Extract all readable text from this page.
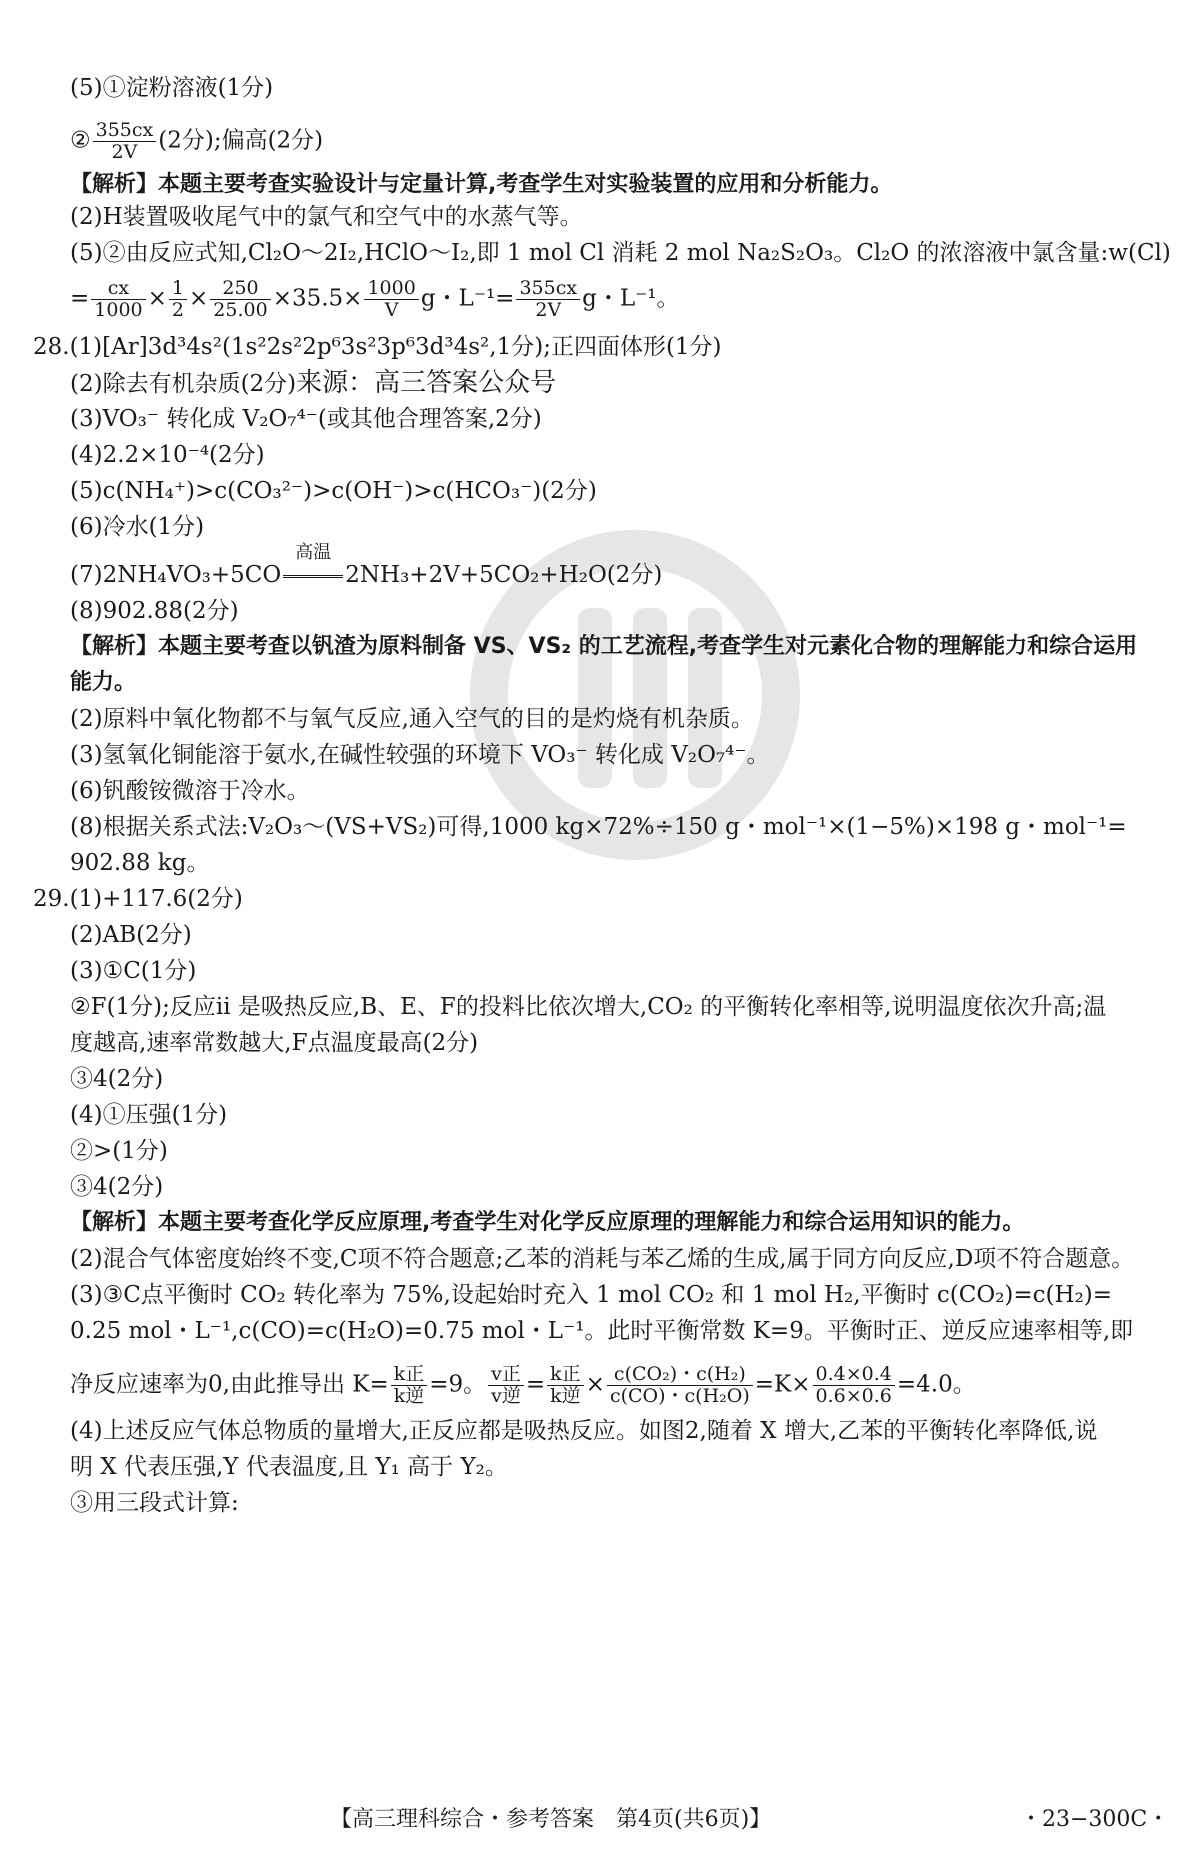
(5)①淀粉溶液(1分)
② $\frac{355cx}{2V} (2$分);偏高(2分)
【解析】本题主要考查实验设计与定量计算,考查学生对实验装置的应用和分析能力。
(2)H装置吸收尾气中的氯气和空气中的水蒸气等。
(5)②由反应式知,Cl₂O～2I₂,HClO～I₂,即 1 mol Cl 消耗 2 mol Na₂S₂O₃。Cl₂O 的浓溶液中氯含量:w(Cl)
= $\frac{cx}{1000} \times \frac{1}{2} \times \frac{250}{25.00} \times 35.5\times \frac{1000}{V}$ g・$L^{-1}= \frac{355cx}{2V}$ g・L⁻¹。
28.(1)[Ar]3d³4s²(1s²2s²2p⁶3s²3p⁶3d³4s²,1分);正四面体形(1分)
(2)除去有机杂质(2分)来源：高三答案公众号
(3)VO₃⁻ 转化成 V₂O₇⁴⁻(或其他合理答案,2分)
(4)2.2×10⁻⁴(2分)
(5)c(NH₄⁺)>c(CO₃²⁻)>c(OH⁻)>c(HCO₃⁻)(2分)
(6)冷水(1分)
(7)2NH₄VO₃+5CO
高温
2NH₃+2V+5CO₂+H₂O(2分)
(8)902.88(2分)
【解析】本题主要考查以钒渣为原料制备 VS、VS₂ 的工艺流程,考查学生对元素化合物的理解能力和综合运用
能力。
(2)原料中氧化物都不与氧气反应,通入空气的目的是灼烧有机杂质。
(3)氢氧化铜能溶于氨水,在碱性较强的环境下 VO₃⁻ 转化成 V₂O₇⁴⁻。
(6)钒酸铵微溶于冷水。
(8)根据关系式法:V₂O₃～(VS+VS₂)可得,1000 kg×72%÷150 g・mol⁻¹×(1−5%)×198 g・mol⁻¹=
902.88 kg。
29.(1)+117.6(2分)
(2)AB(2分)
(3)①C(1分)
②F(1分);反应ⅱ 是吸热反应,B、E、F的投料比依次增大,CO₂ 的平衡转化率相等,说明温度依次升高;温
度越高,速率常数越大,F点温度最高(2分)
③4(2分)
(4)①压强(1分)
②>(1分)
③4(2分)
【解析】本题主要考查化学反应原理,考查学生对化学反应原理的理解能力和综合运用知识的能力。
(2)混合气体密度始终不变,C项不符合题意;乙苯的消耗与苯乙烯的生成,属于同方向反应,D项不符合题意。
(3)③C点平衡时 CO₂ 转化率为 75%,设起始时充入 1 mol CO₂ 和 1 mol H₂,平衡时 c(CO₂)=c(H₂)=
0.25 mol・L⁻¹,c(CO)=c(H₂O)=0.75 mol・L⁻¹。此时平衡常数 K=9。平衡时正、逆反应速率相等,即
净反应速率为0,由此推导出 $K= \frac{\text{k正}}{\text{k逆}} =9$。 $\frac{\text{v正}}{\text{v逆}} = \frac{\text{k正}}{\text{k逆}} \times \frac{\text{c(CO₂)・c(H₂)}}{\text{c(CO)・c(H₂O)}} =K\times \frac{0.4\times 0.4}{0.6\times 0.6} =4.0$。
(4)上述反应气体总物质的量增大,正反应都是吸热反应。如图2,随着 X 增大,乙苯的平衡转化率降低,说
明 X 代表压强,Y 代表温度,且 Y₁ 高于 Y₂。
③用三段式计算:
【高三理科综合・参考答案　第4页(共6页)】	・23−300C・
